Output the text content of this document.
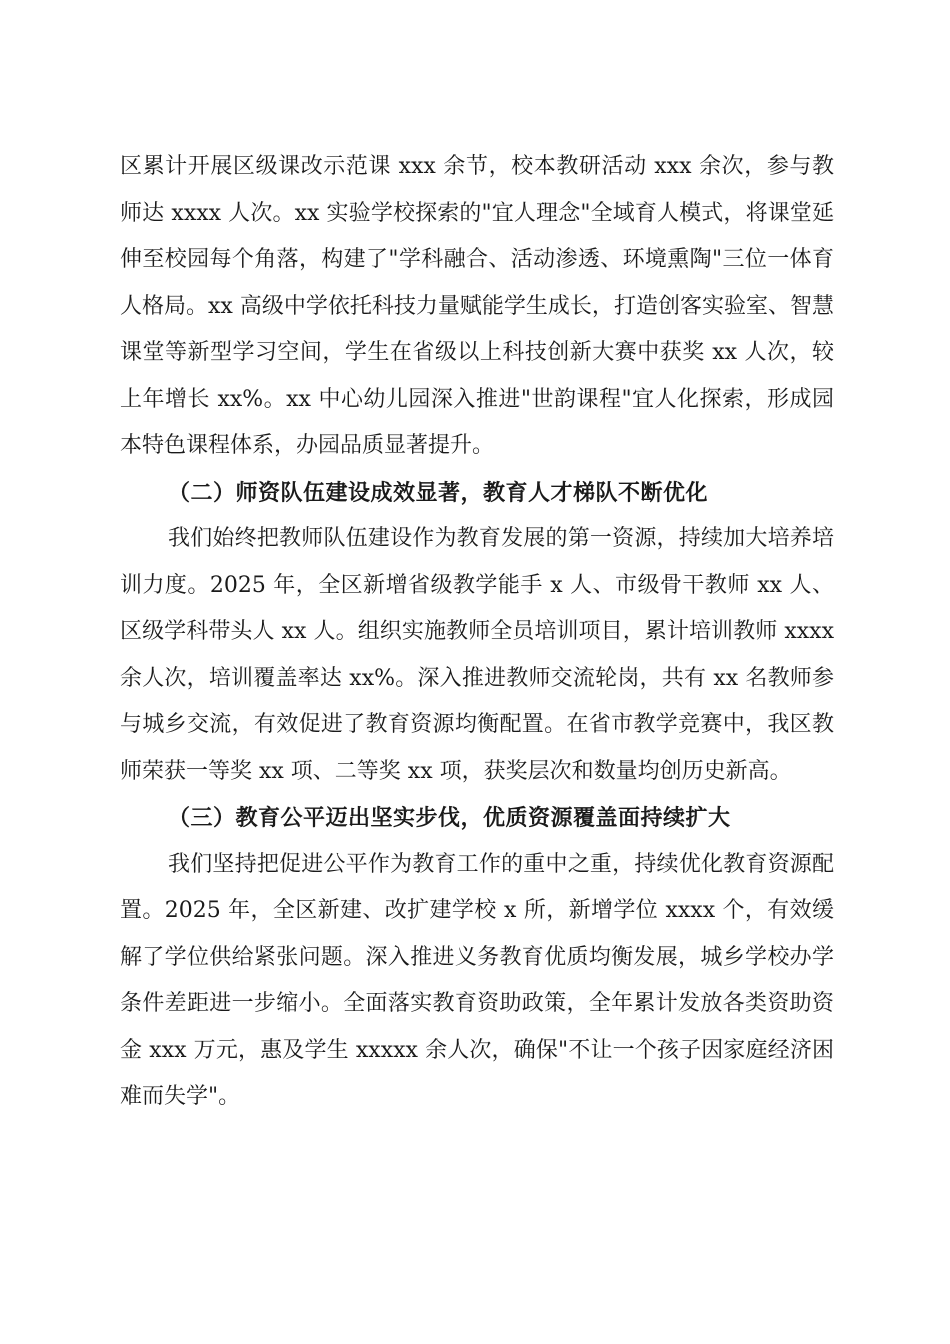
区累计开展区级课改示范课 xxx 余节，校本教研活动 xxx 余次，参与教师达 xxxx 人次。xx 实验学校探索的"宜人理念"全域育人模式，将课堂延伸至校园每个角落，构建了"学科融合、活动渗透、环境熏陶"三位一体育人格局。xx 高级中学依托科技力量赋能学生成长，打造创客实验室、智慧课堂等新型学习空间，学生在省级以上科技创新大赛中获奖 xx 人次，较上年增长 xx%。xx 中心幼儿园深入推进"世韵课程"宜人化探索，形成园本特色课程体系，办园品质显著提升。

（二）师资队伍建设成效显著，教育人才梯队不断优化

我们始终把教师队伍建设作为教育发展的第一资源，持续加大培养培训力度。2025 年，全区新增省级教学能手 x 人、市级骨干教师 xx 人、区级学科带头人 xx 人。组织实施教师全员培训项目，累计培训教师 xxxx 余人次，培训覆盖率达 xx%。深入推进教师交流轮岗，共有 xx 名教师参与城乡交流，有效促进了教育资源均衡配置。在省市教学竞赛中，我区教师荣获一等奖 xx 项、二等奖 xx 项，获奖层次和数量均创历史新高。

（三）教育公平迈出坚实步伐，优质资源覆盖面持续扩大

我们坚持把促进公平作为教育工作的重中之重，持续优化教育资源配置。2025 年，全区新建、改扩建学校 x 所，新增学位 xxxx 个，有效缓解了学位供给紧张问题。深入推进义务教育优质均衡发展，城乡学校办学条件差距进一步缩小。全面落实教育资助政策，全年累计发放各类资助资金 xxx 万元，惠及学生 xxxxx 余人次，确保"不让一个孩子因家庭经济困难而失学"。
